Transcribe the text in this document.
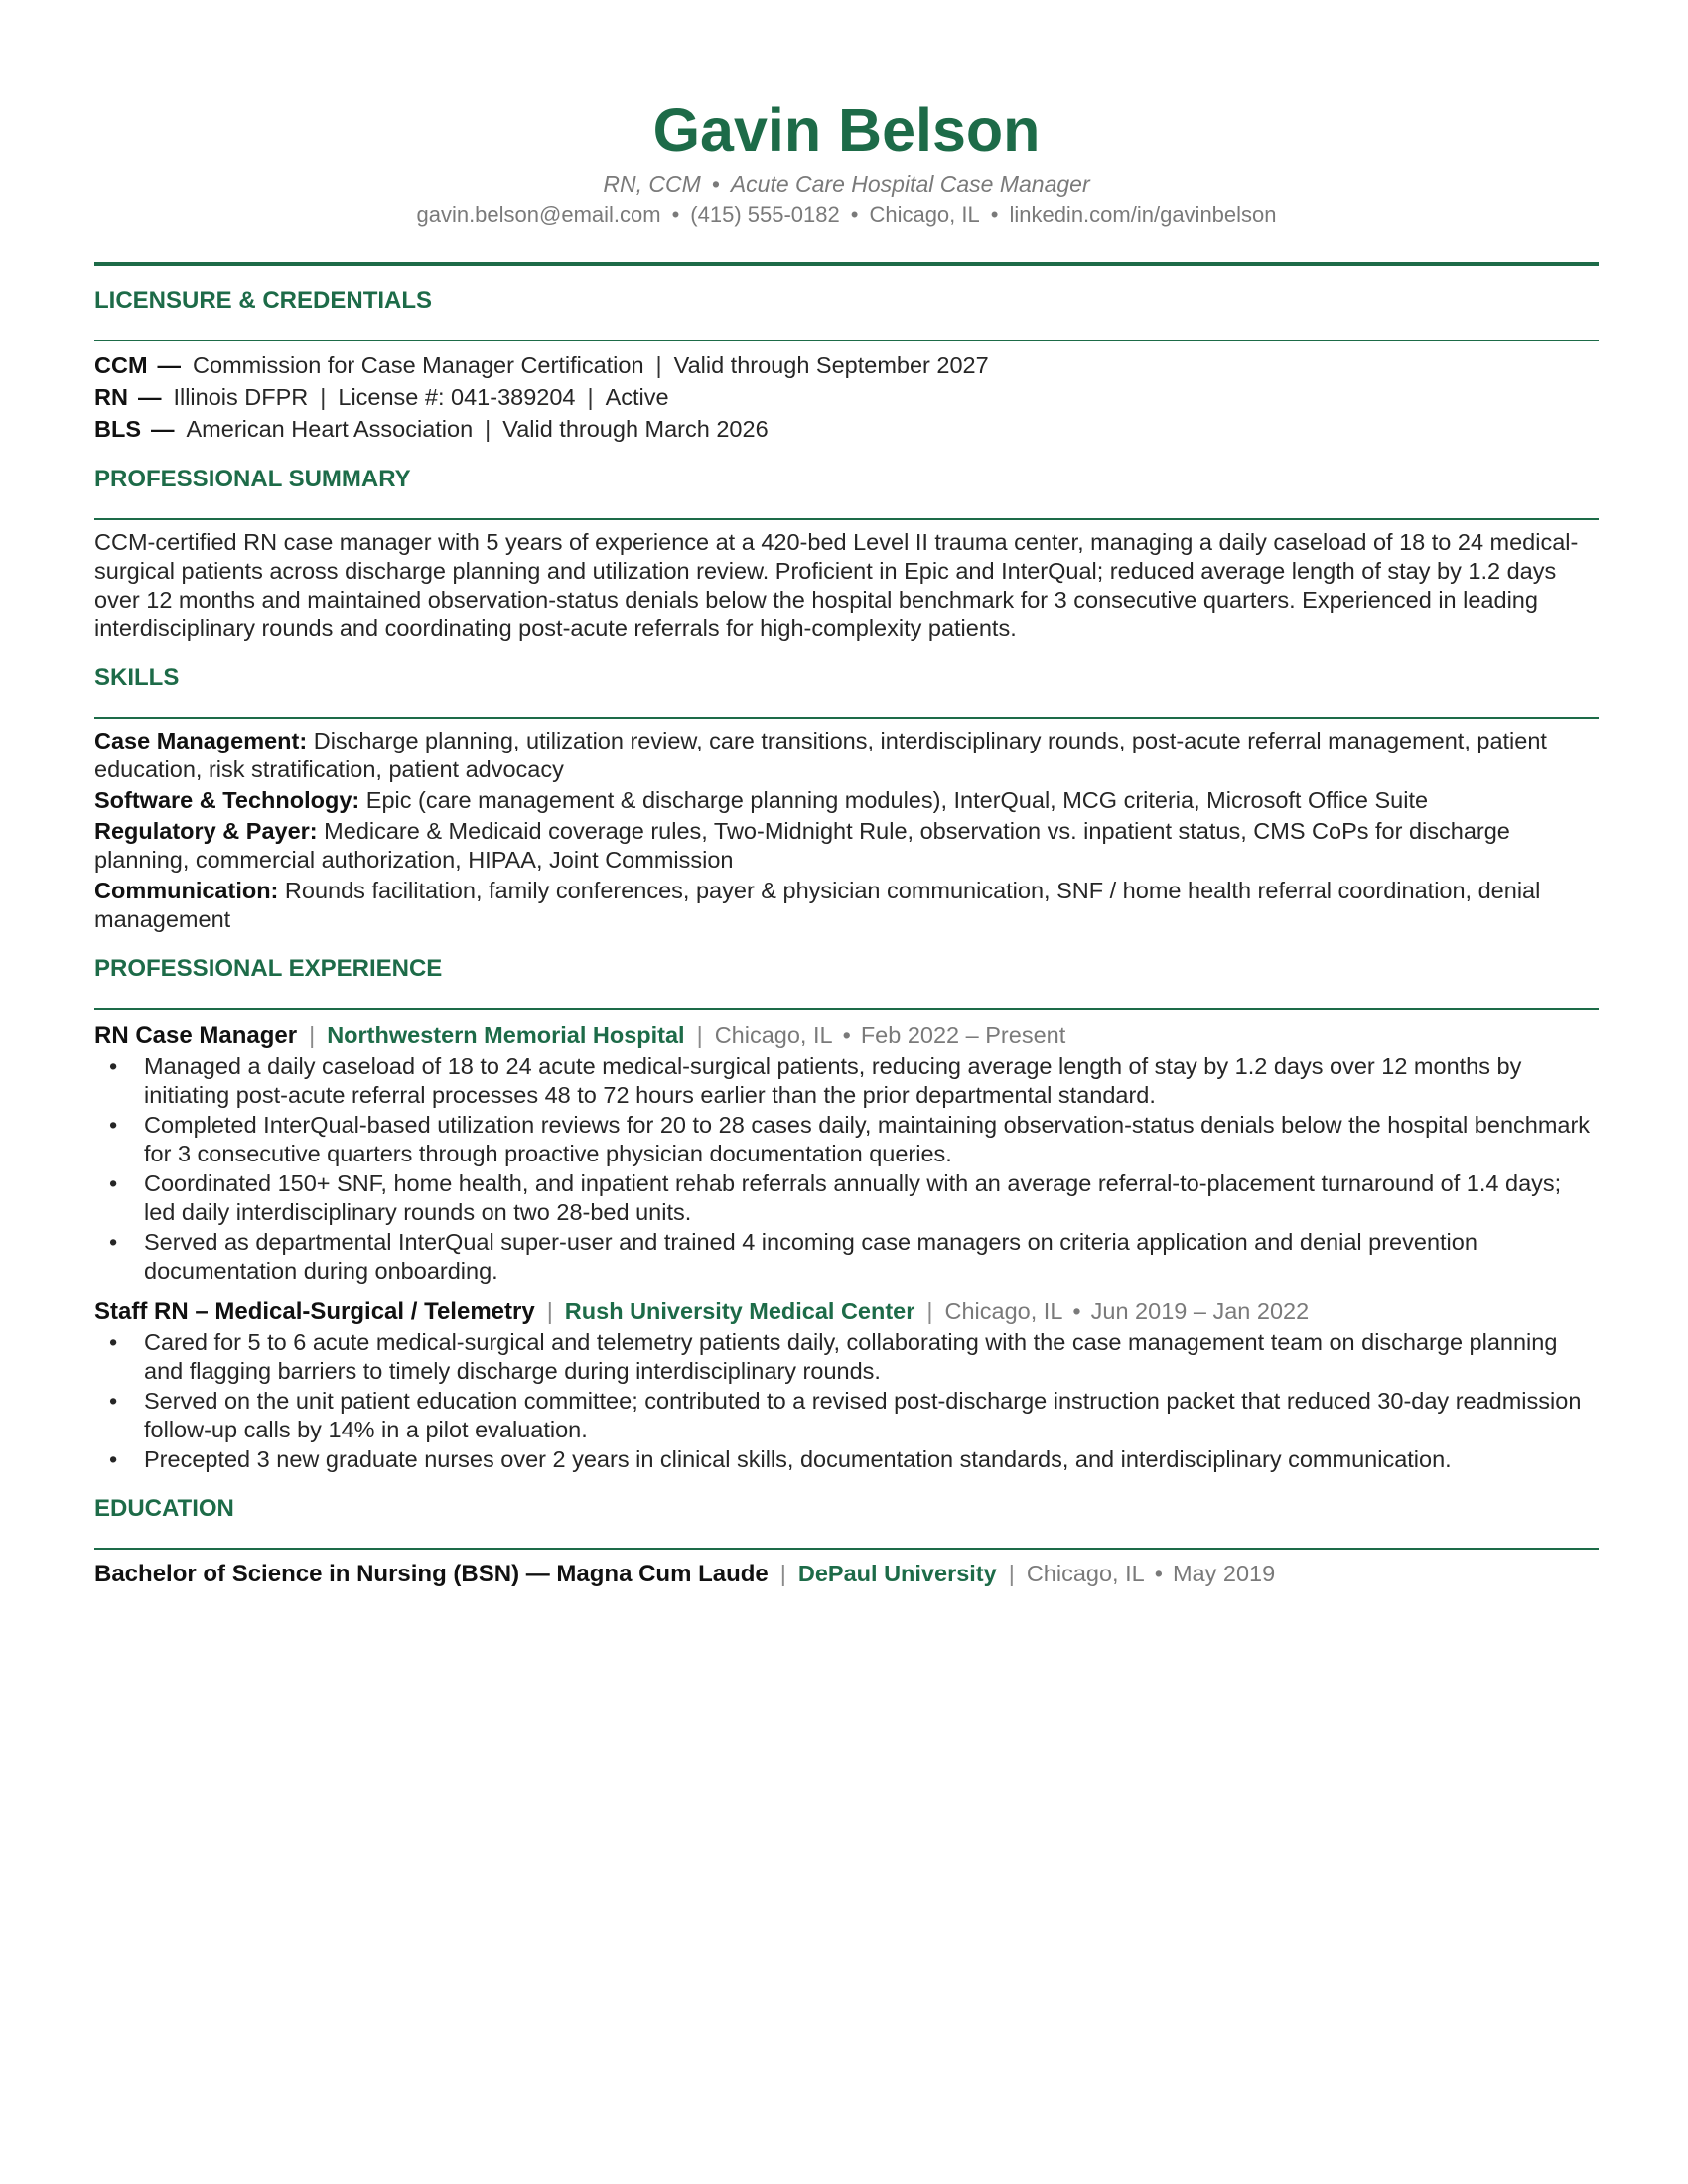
Gavin Belson
RN, CCM • Acute Care Hospital Case Manager
gavin.belson@email.com • (415) 555-0182 • Chicago, IL • linkedin.com/in/gavinbelson
LICENSURE & CREDENTIALS
CCM — Commission for Case Manager Certification | Valid through September 2027
RN — Illinois DFPR | License #: 041-389204 | Active
BLS — American Heart Association | Valid through March 2026
PROFESSIONAL SUMMARY
CCM-certified RN case manager with 5 years of experience at a 420-bed Level II trauma center, managing a daily caseload of 18 to 24 medical-surgical patients across discharge planning and utilization review. Proficient in Epic and InterQual; reduced average length of stay by 1.2 days over 12 months and maintained observation-status denials below the hospital benchmark for 3 consecutive quarters. Experienced in leading interdisciplinary rounds and coordinating post-acute referrals for high-complexity patients.
SKILLS
Case Management: Discharge planning, utilization review, care transitions, interdisciplinary rounds, post-acute referral management, patient education, risk stratification, patient advocacy
Software & Technology: Epic (care management & discharge planning modules), InterQual, MCG criteria, Microsoft Office Suite
Regulatory & Payer: Medicare & Medicaid coverage rules, Two-Midnight Rule, observation vs. inpatient status, CMS CoPs for discharge planning, commercial authorization, HIPAA, Joint Commission
Communication: Rounds facilitation, family conferences, payer & physician communication, SNF / home health referral coordination, denial management
PROFESSIONAL EXPERIENCE
RN Case Manager | Northwestern Memorial Hospital | Chicago, IL • Feb 2022 – Present
• Managed a daily caseload of 18 to 24 acute medical-surgical patients, reducing average length of stay by 1.2 days over 12 months by initiating post-acute referral processes 48 to 72 hours earlier than the prior departmental standard.
• Completed InterQual-based utilization reviews for 20 to 28 cases daily, maintaining observation-status denials below the hospital benchmark for 3 consecutive quarters through proactive physician documentation queries.
• Coordinated 150+ SNF, home health, and inpatient rehab referrals annually with an average referral-to-placement turnaround of 1.4 days; led daily interdisciplinary rounds on two 28-bed units.
• Served as departmental InterQual super-user and trained 4 incoming case managers on criteria application and denial prevention documentation during onboarding.
Staff RN – Medical-Surgical / Telemetry | Rush University Medical Center | Chicago, IL • Jun 2019 – Jan 2022
• Cared for 5 to 6 acute medical-surgical and telemetry patients daily, collaborating with the case management team on discharge planning and flagging barriers to timely discharge during interdisciplinary rounds.
• Served on the unit patient education committee; contributed to a revised post-discharge instruction packet that reduced 30-day readmission follow-up calls by 14% in a pilot evaluation.
• Precepted 3 new graduate nurses over 2 years in clinical skills, documentation standards, and interdisciplinary communication.
EDUCATION
Bachelor of Science in Nursing (BSN) — Magna Cum Laude | DePaul University | Chicago, IL • May 2019
